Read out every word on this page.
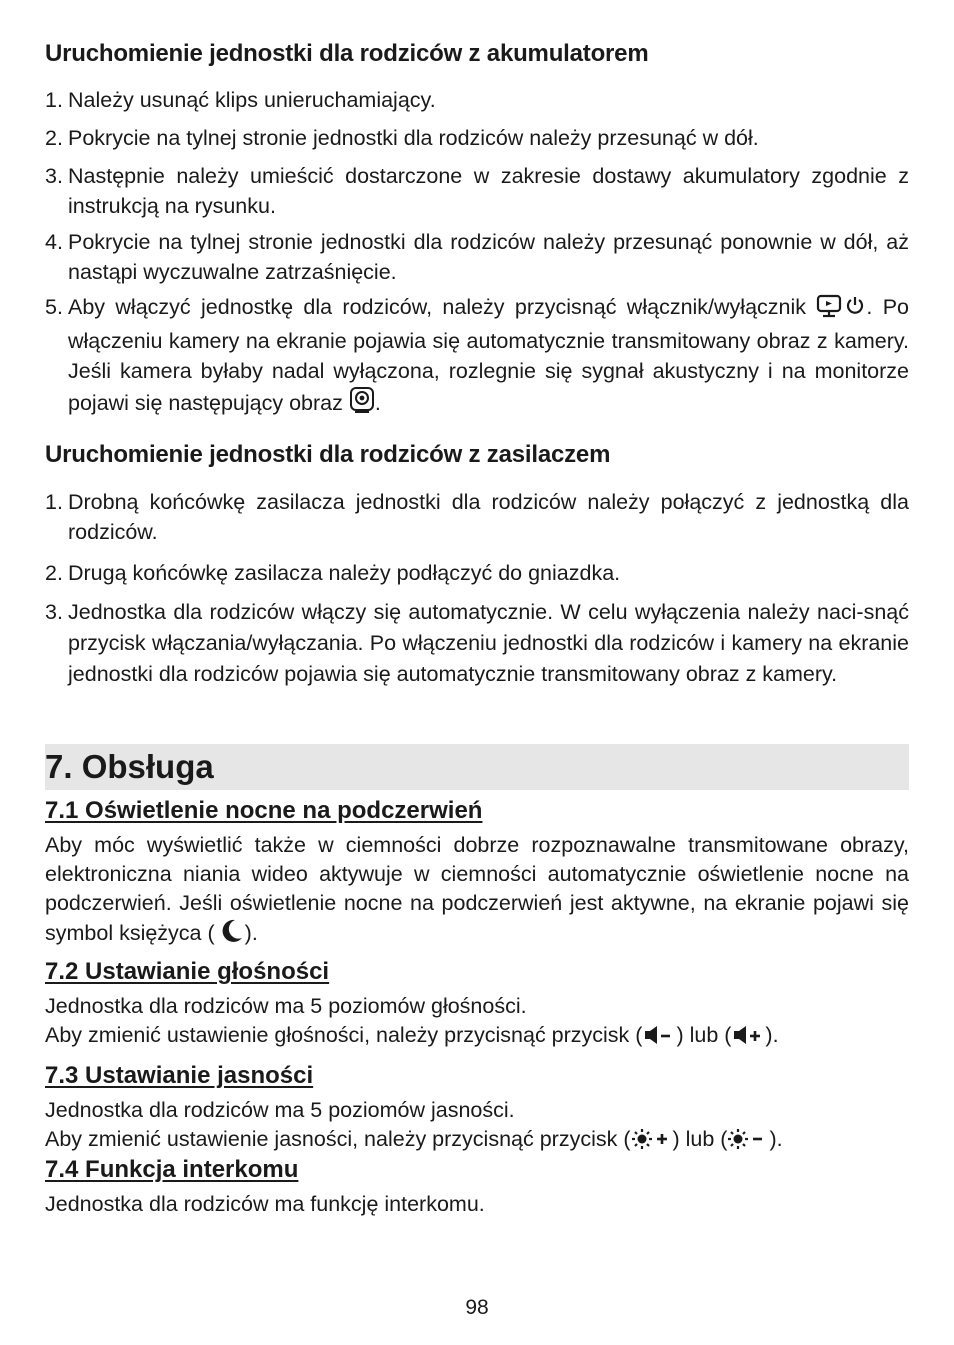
Uruchomienie jednostki dla rodziców z akumulatorem
1. Należy usunąć klips unieruchamiający.
2. Pokrycie na tylnej stronie jednostki dla rodziców należy przesunąć w dół.
3. Następnie należy umieścić dostarczone w zakresie dostawy akumulatory zgodnie z instrukcją na rysunku.
4. Pokrycie na tylnej stronie jednostki dla rodziców należy przesunąć ponownie w dół, aż nastąpi wyczuwalne zatrzaśnięcie.
5. Aby włączyć jednostkę dla rodziców, należy przycisnąć włącznik/wyłącznik	. Po włączeniu kamery na ekranie pojawia się automatycznie transmitowany obraz z kamery. Jeśli kamera byłaby nadal wyłączona, rozlegnie się sygnał akustyczny i na monitorze pojawi się następujący obraz .
Uruchomienie jednostki dla rodziców z zasilaczem
1. Drobną końcówkę zasilacza jednostki dla rodziców należy połączyć z jednostką dla rodziców.
2. Drugą końcówkę zasilacza należy podłączyć do gniazdka.
3. Jednostka dla rodziców włączy się automatycznie. W celu wyłączenia należy naci-snąć przycisk włączania/wyłączania. Po włączeniu jednostki dla rodziców i kamery na ekranie jednostki dla rodziców pojawia się automatycznie transmitowany obraz z kamery.
7. Obsługa
7.1 Oświetlenie nocne na podczerwień
Aby móc wyświetlić także w ciemności dobrze rozpoznawalne transmitowane obrazy, elektroniczna niania wideo aktywuje w ciemności automatycznie oświetlenie nocne na podczerwień. Jeśli oświetlenie nocne na podczerwień jest aktywne, na ekranie pojawi się symbol księżyca ( ).
7.2 Ustawianie głośności
Jednostka dla rodziców ma 5 poziomów głośności.
Aby zmienić ustawienie głośności, należy przycisnąć przycisk ( ) lub ( ).
7.3 Ustawianie jasności
Jednostka dla rodziców ma 5 poziomów jasności.
Aby zmienić ustawienie jasności, należy przycisnąć przycisk ( ) lub ( ).
7.4 Funkcja interkomu
Jednostka dla rodziców ma funkcję interkomu.
98
